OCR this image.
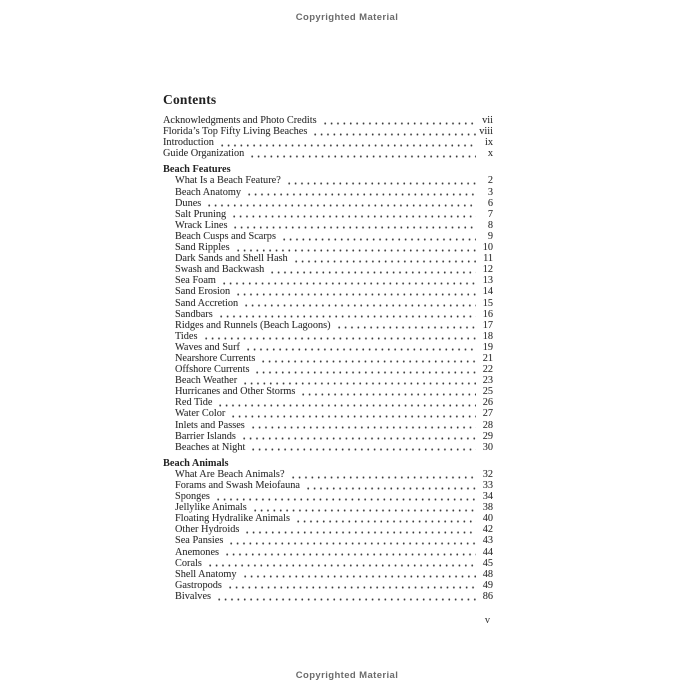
Copyrighted Material
Contents
Acknowledgments and Photo Credits	vii
Florida’s Top Fifty Living Beaches	viii
Introduction	ix
Guide Organization	x
Beach Features
What Is a Beach Feature?	2
Beach Anatomy	3
Dunes	6
Salt Pruning	7
Wrack Lines	8
Beach Cusps and Scarps	9
Sand Ripples	10
Dark Sands and Shell Hash	11
Swash and Backwash	12
Sea Foam	13
Sand Erosion	14
Sand Accretion	15
Sandbars	16
Ridges and Runnels (Beach Lagoons)	17
Tides	18
Waves and Surf	19
Nearshore Currents	21
Offshore Currents	22
Beach Weather	23
Hurricanes and Other Storms	25
Red Tide	26
Water Color	27
Inlets and Passes	28
Barrier Islands	29
Beaches at Night	30
Beach Animals
What Are Beach Animals?	32
Forams and Swash Meiofauna	33
Sponges	34
Jellylike Animals	38
Floating Hydralike Animals	40
Other Hydroids	42
Sea Pansies	43
Anemones	44
Corals	45
Shell Anatomy	48
Gastropods	49
Bivalves	86
v
Copyrighted Material
